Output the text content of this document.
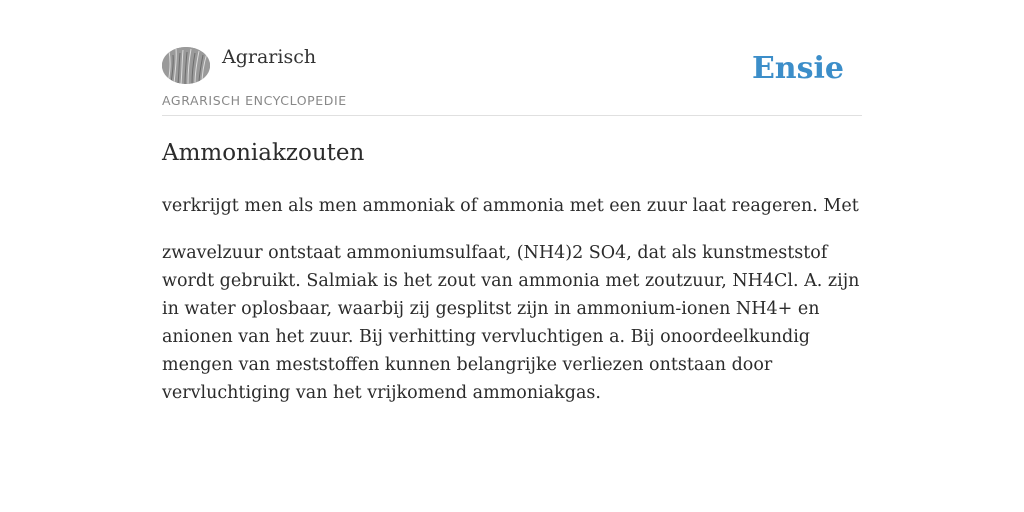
Agrarisch
AGRARISCH ENCYCLOPEDIE
Ensie
Ammoniakzouten

verkrijgt men als men ammoniak of ammonia met een zuur laat reageren. Met

zwavelzuur ontstaat ammoniumsulfaat, (NH4)2 SO4, dat als kunstmeststof wordt gebruikt. Salmiak is het zout van ammonia met zoutzuur, NH4Cl. A. zijn in water oplosbaar, waarbij zij gesplitst zijn in ammonium-ionen NH4+ en anionen van het zuur. Bij verhitting vervluchtigen a. Bij onoordeelkundig mengen van meststoffen kunnen belangrijke verliezen ontstaan door vervluchtiging van het vrijkomend ammoniakgas.
